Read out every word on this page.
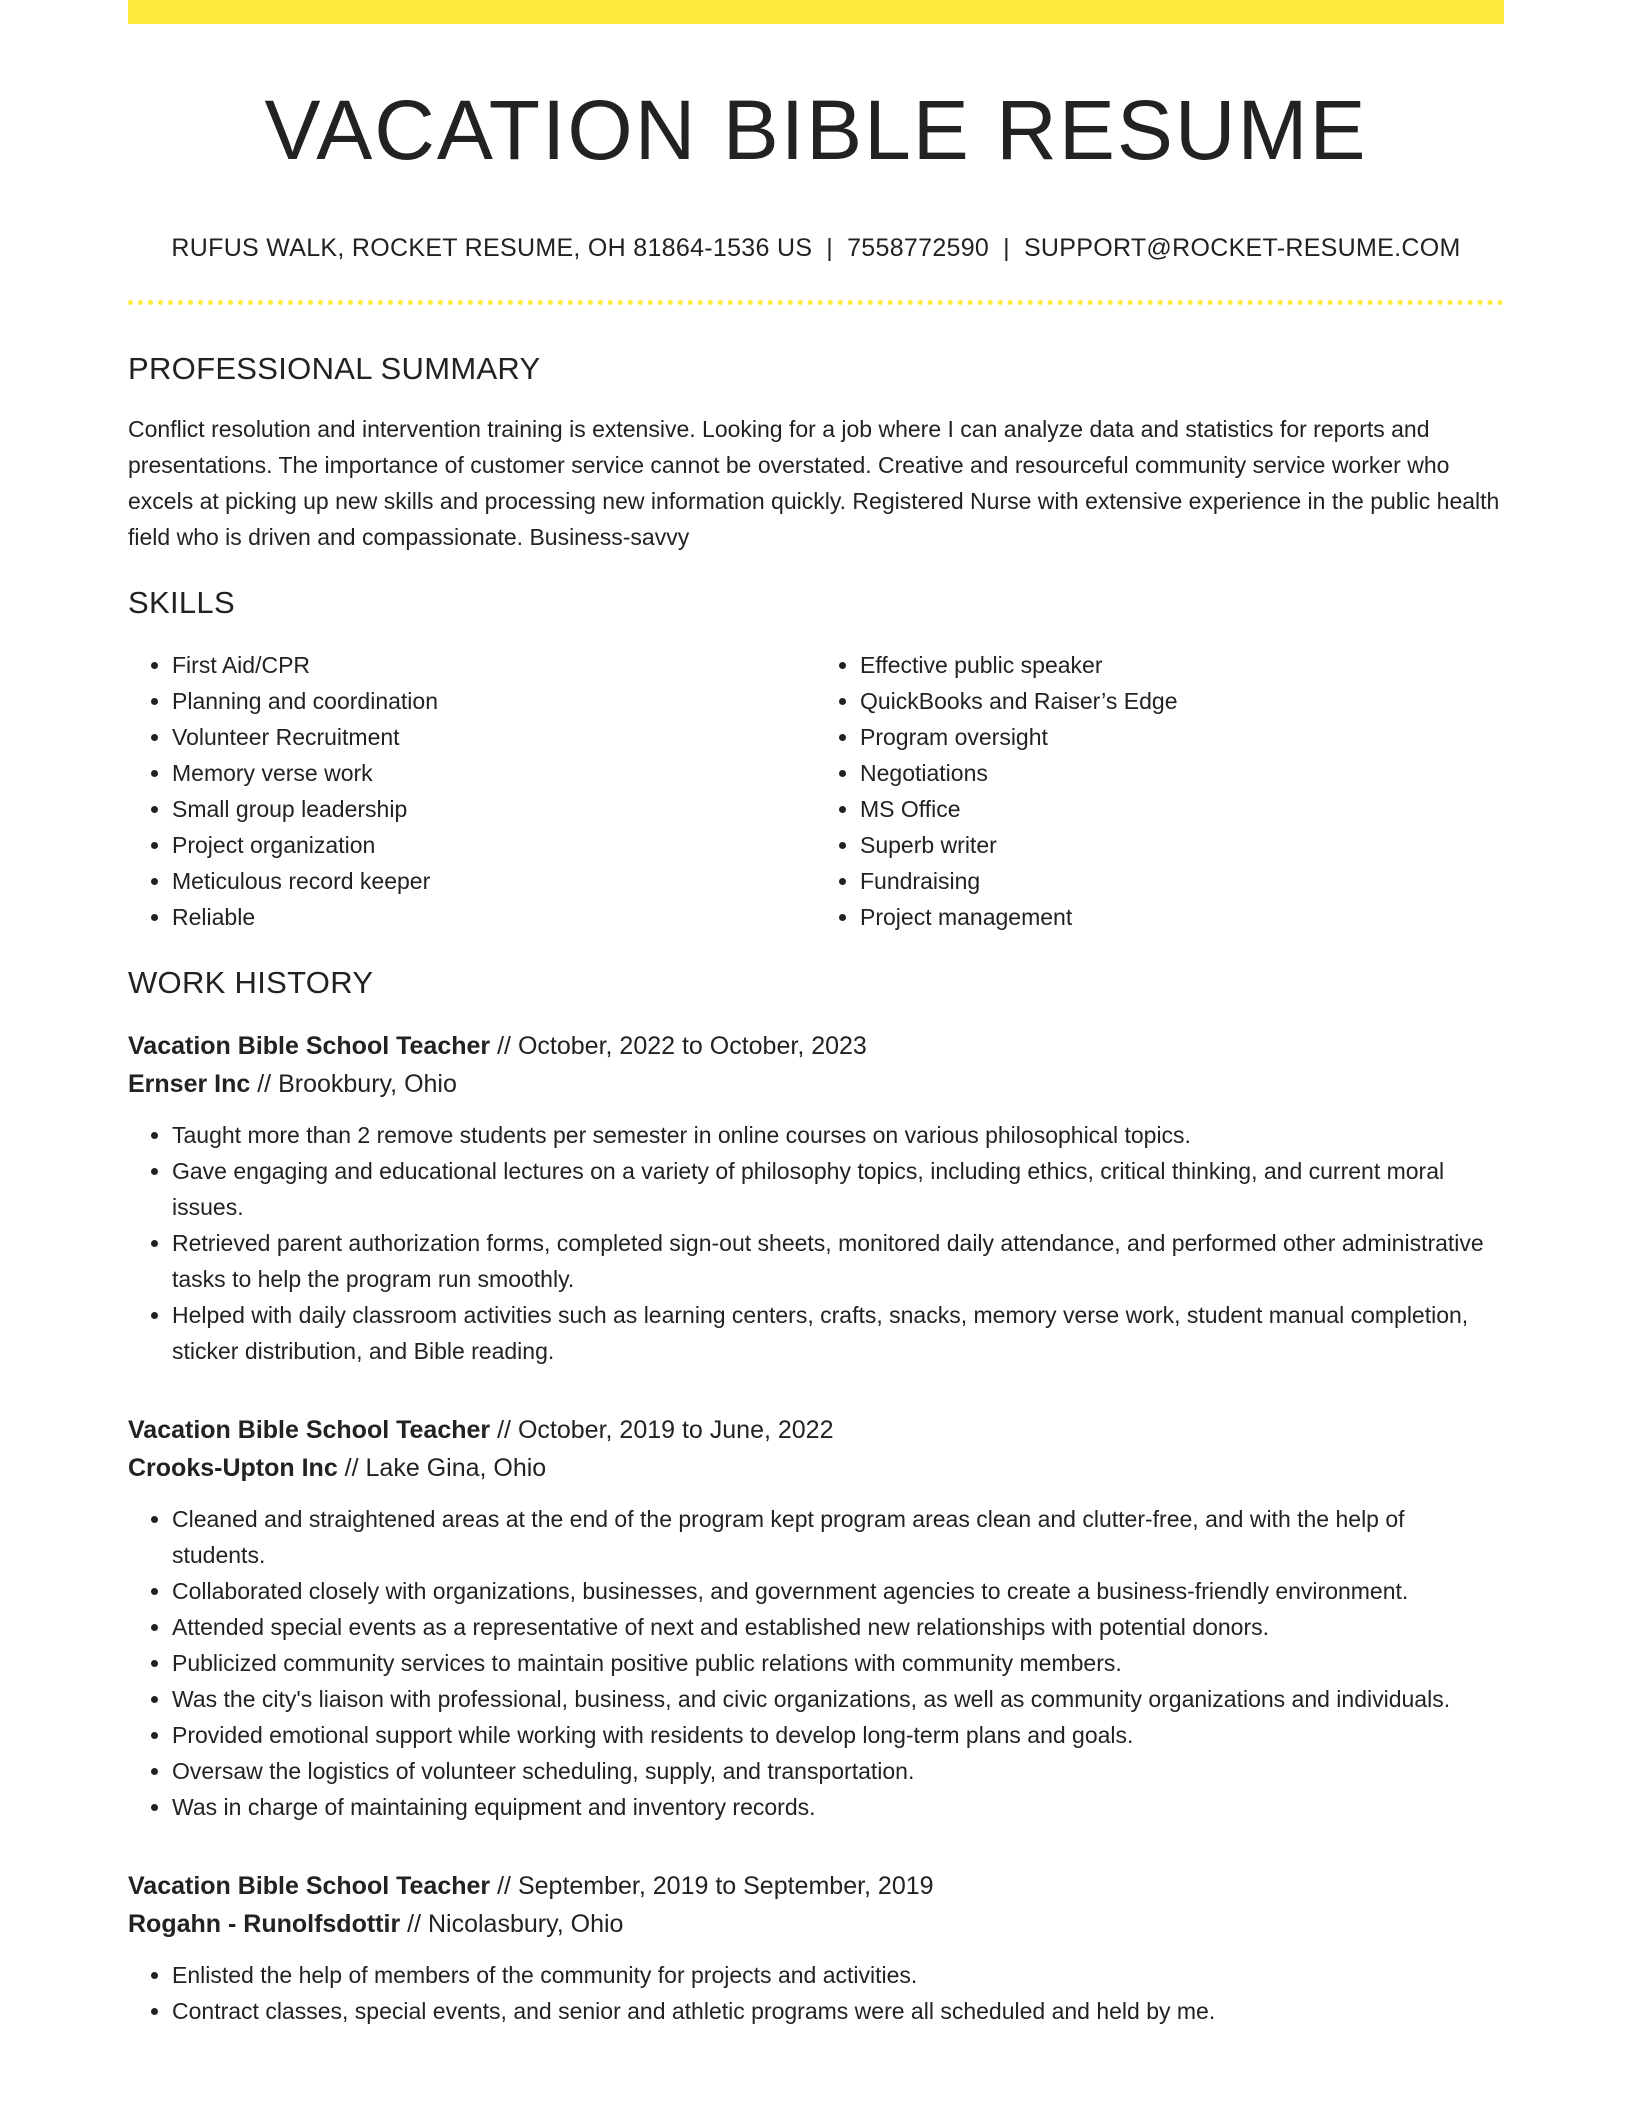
VACATION BIBLE RESUME
RUFUS WALK, ROCKET RESUME, OH 81864-1536 US | 7558772590 | SUPPORT@ROCKET-RESUME.COM
PROFESSIONAL SUMMARY
Conflict resolution and intervention training is extensive. Looking for a job where I can analyze data and statistics for reports and presentations. The importance of customer service cannot be overstated. Creative and resourceful community service worker who excels at picking up new skills and processing new information quickly. Registered Nurse with extensive experience in the public health field who is driven and compassionate. Business-savvy
SKILLS
• First Aid/CPR
• Planning and coordination
• Volunteer Recruitment
• Memory verse work
• Small group leadership
• Project organization
• Meticulous record keeper
• Reliable
• Effective public speaker
• QuickBooks and Raiser’s Edge
• Program oversight
• Negotiations
• MS Office
• Superb writer
• Fundraising
• Project management
WORK HISTORY
Vacation Bible School Teacher // October, 2022 to October, 2023
Ernser Inc // Brookbury, Ohio
• Taught more than 2 remove students per semester in online courses on various philosophical topics.
• Gave engaging and educational lectures on a variety of philosophy topics, including ethics, critical thinking, and current moral issues.
• Retrieved parent authorization forms, completed sign-out sheets, monitored daily attendance, and performed other administrative tasks to help the program run smoothly.
• Helped with daily classroom activities such as learning centers, crafts, snacks, memory verse work, student manual completion, sticker distribution, and Bible reading.
Vacation Bible School Teacher // October, 2019 to June, 2022
Crooks-Upton Inc // Lake Gina, Ohio
• Cleaned and straightened areas at the end of the program kept program areas clean and clutter-free, and with the help of students.
• Collaborated closely with organizations, businesses, and government agencies to create a business-friendly environment.
• Attended special events as a representative of next and established new relationships with potential donors.
• Publicized community services to maintain positive public relations with community members.
• Was the city's liaison with professional, business, and civic organizations, as well as community organizations and individuals.
• Provided emotional support while working with residents to develop long-term plans and goals.
• Oversaw the logistics of volunteer scheduling, supply, and transportation.
• Was in charge of maintaining equipment and inventory records.
Vacation Bible School Teacher // September, 2019 to September, 2019
Rogahn - Runolfsdottir // Nicolasbury, Ohio
• Enlisted the help of members of the community for projects and activities.
• Contract classes, special events, and senior and athletic programs were all scheduled and held by me.
